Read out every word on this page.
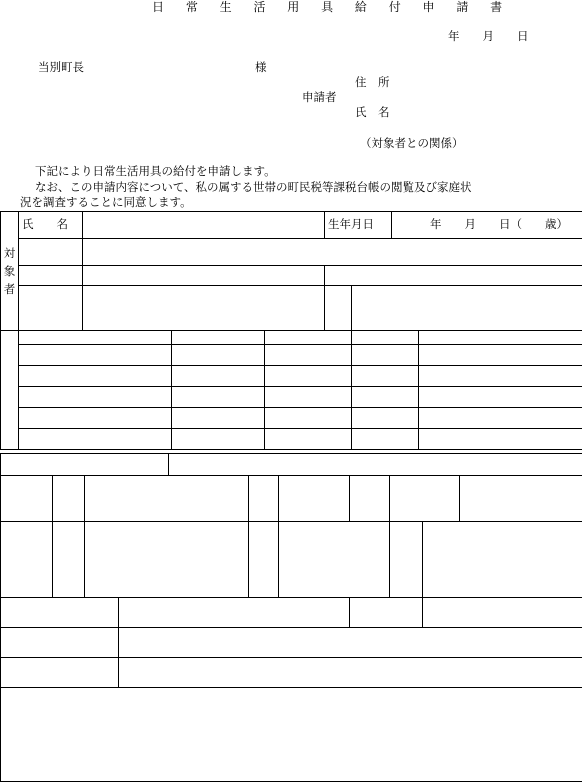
日 常 生 活 用 具 給 付 申 請 書
年　　月　　日
当別町長	様
住　所
申請者
氏　名
（対象者との関係）
下記により日常生活用具の給付を申請します。
なお、この申請内容について、私の属する世帯の町民税等課税台帳の閲覧及び家庭状
況を調査することに同意します。
対象者	氏　　名				生年月日		年　　月　　日（　　歳）	
